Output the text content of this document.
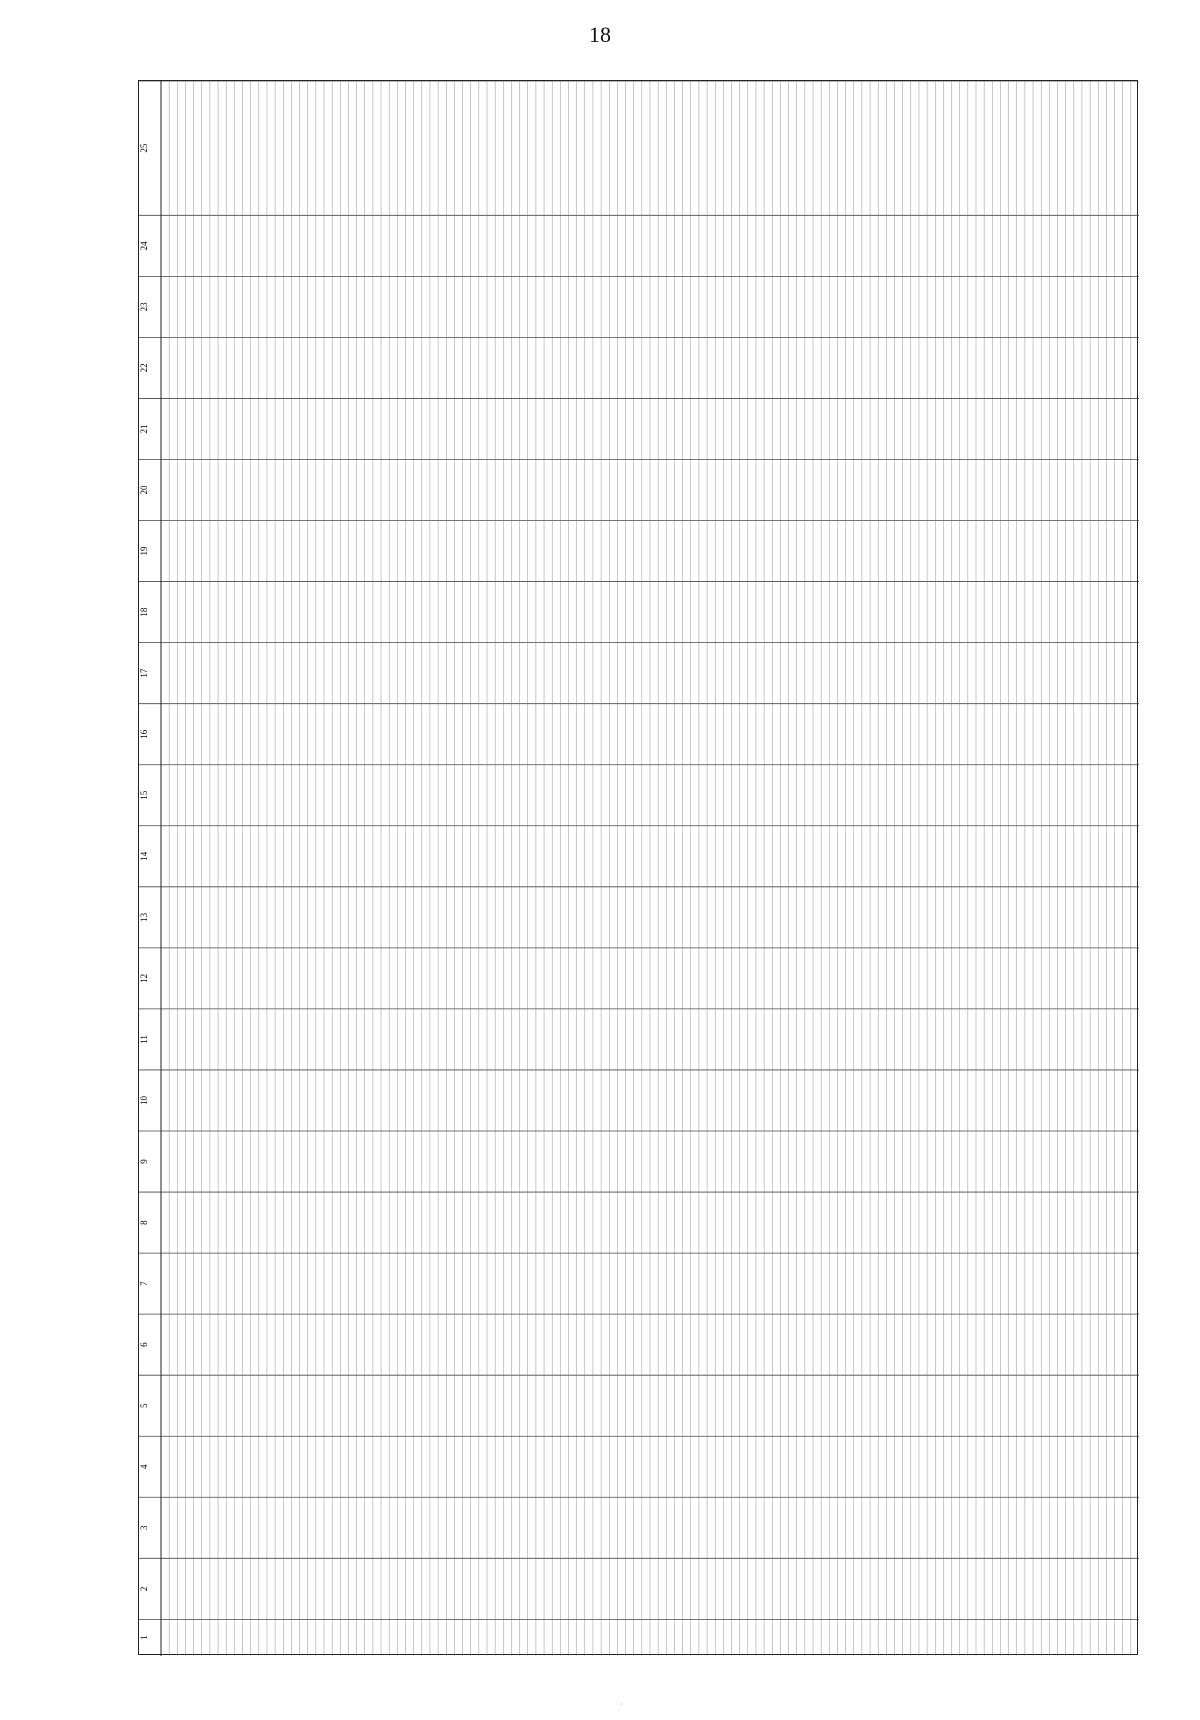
18
25
24
23
22
21
20
19
18
17
16
15
14
13
12
11
10
9
8
7
6
5
4
3
2
1
·
